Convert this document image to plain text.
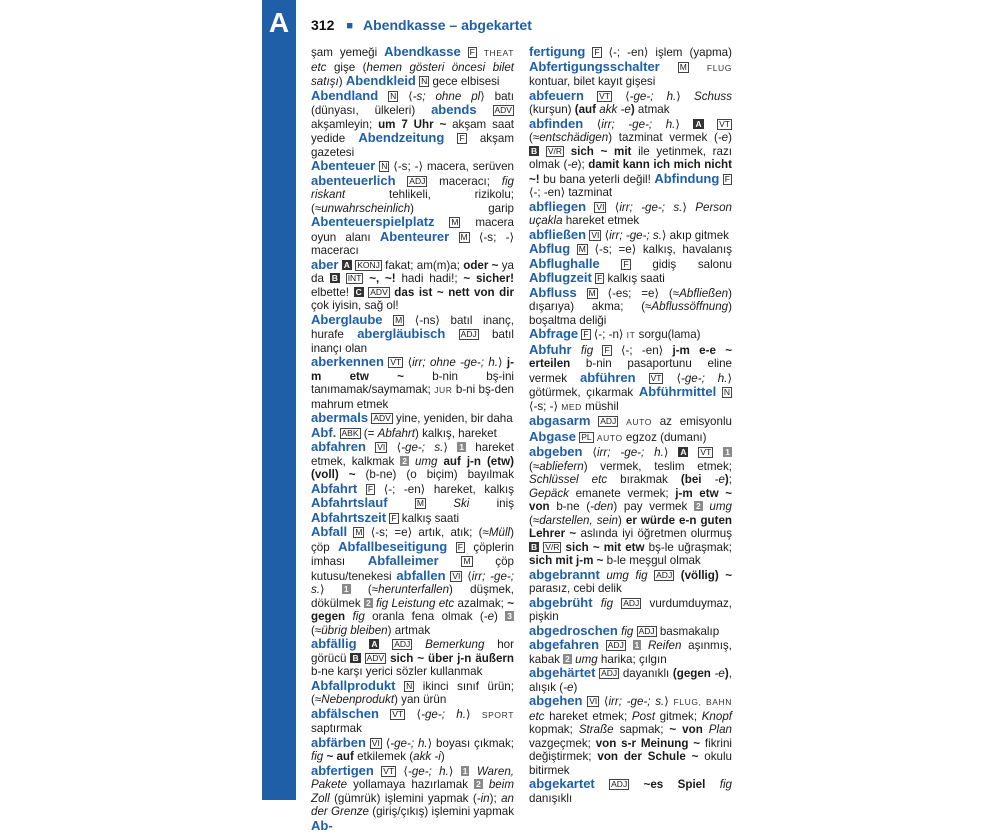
A	312 ■ Abendkasse – abgekartet

şam yemeği Abendkasse F THEAT etc gişe (hemen gösteri öncesi bilet satışı) Abendkleid N gece elbisesi

Abendland N ⟨-s; ohne pl⟩ batı (dünyası, ülkeleri) abends ADV akşamleyin; um 7 Uhr ~ akşam saat yedide Abendzeitung F akşam gazetesi

Abenteuer N ⟨-s; -⟩ macera, serüven abenteuerlich ADJ maceracı; fig riskant tehlikeli, rizikolu; (≈unwahrscheinlich) garip Abenteuerspielplatz M macera oyun alanı Abenteurer M ⟨-s; -⟩ maceracı

aber A KONJ fakat; am(m)a; oder ~ ya da B INT ~, ~! hadi hadi!; ~ sicher! elbette! C ADV das ist ~ nett von dir çok iyisin, sağ ol!

Aberglaube M ⟨-ns⟩ batıl inanç, hurafe abergläubisch ADJ batıl inançı olan

aberkennen VT ⟨irr; ohne -ge-; h.⟩ j-m etw ~ b-nin bş-ini tanımamak/saymamak; JUR b-ni bş-den mahrum etmek

abermals ADV yine, yeniden, bir daha

Abf. ABK (= Abfahrt) kalkış, hareket

abfahren VI ⟨-ge-; s.⟩ 1 hareket etmek, kalkmak 2 umg auf j-n (etw) (voll) ~ (b-ne) (o biçim) bayılmak Abfahrt F ⟨-; -en⟩ hareket, kalkış Abfahrtslauf	M	Ski iniş Abfahrtszeit F kalkış saati

Abfall M ⟨-s; =e⟩ artık, atık; (≈Müll) çöp Abfallbeseitigung F çöplerin imhası Abfalleimer	M çöp kutusu/tenekesi abfallen VI ⟨irr; -ge-; s.⟩ 1 (≈herunterfallen) düşmek, dökülmek 2 fig Leistung etc azalmak; ~ gegen fig oranla fena olmak (-e) 3 (≈übrig bleiben) artmak

abfällig A ADJ Bemerkung hor görücü B ADV sich ~ über j-n äußern b-ne karşı yerici sözler kullanmak

Abfallprodukt N ikinci sınıf ürün; (≈Nebenprodukt) yan ürün

abfälschen VT ⟨-ge-; h.⟩ SPORT saptırmak

abfärben VI ⟨-ge-; h.⟩ boyası çıkmak; fig ~ auf etkilemek (akk -i)

abfertigen VT ⟨-ge-; h.⟩ 1 Waren, Pakete yollamaya hazırlamak 2 beim Zoll (gümrük) işlemini yapmak (-in); an der Grenze (giriş/çıkış) işlemini yapmak Ab-

fertigung F ⟨-; -en⟩ işlem (yapma) Abfertigungsschalter M FLUG kontuar, bilet kayıt gişesi

abfeuern VT ⟨-ge-; h.⟩ Schuss (kurşun) (auf akk -e) atmak

abfinden ⟨irr; -ge-; h.⟩ A VT (≈entschädigen) tazminat vermek (-e) B V/R sich ~ mit ile yetinmek, razı olmak (-e); damit kann ich mich nicht ~! bu bana yeterli değil! Abfindung F ⟨-; -en⟩ tazminat

abfliegen VI ⟨irr; -ge-; s.⟩ Person uçakla hareket etmek

abfließen VI ⟨irr; -ge-; s.⟩ akıp gitmek

Abflug M ⟨-s; =e⟩ kalkış, havalanış Abflughalle	F gidiş salonu Abflugzeit F kalkış saati

Abfluss M ⟨-es; =e⟩ (≈Abfließen) dışarıya) akma; (≈Abflussöffnung) boşaltma deliği

Abfrage F ⟨-; -n⟩ IT sorgu(lama)

Abfuhr fig F ⟨-; -en⟩ j-m e-e ~ erteilen b-nin pasaportunu eline vermek abführen VT ⟨-ge-; h.⟩ götürmek, çıkarmak Abführmittel N ⟨-s; -⟩ MED müshil

abgasarm ADJ AUTO az emisyonlu Abgase PL AUTO egzoz (dumanı)

abgeben ⟨irr; -ge-; h.⟩ A VT 1 (≈abliefern) vermek, teslim etmek; Schlüssel etc bırakmak (bei -e); Gepäck emanete vermek; j-m etw ~ von b-ne (-den) pay vermek 2 umg (≈darstellen, sein) er würde e-n guten Lehrer ~ aslında iyi öğretmen olurmuş B V/R sich ~ mit etw bş-le uğraşmak; sich mit j-m ~ b-le meşgul olmak

abgebrannt umg fig ADJ (völlig) ~ parasız, cebi delik

abgebrüht fig ADJ vurdumduymaz, pişkin

abgedroschen fig ADJ basmakalıp

abgefahren ADJ 1 Reifen aşınmış, kabak 2 umg harika; çılgın

abgehärtet ADJ dayanıklı (gegen -e), alışık (-e)

abgehen VI ⟨irr; -ge-; s.⟩ FLUG, BAHN etc hareket etmek; Post gitmek; Knopf kopmak; Straße sapmak; ~ von Plan vazgeçmek; von s-r Meinung ~ fikrini değiştirmek; von der Schule ~ okulu bitirmek

abgekartet ADJ ~es Spiel fig danışıklı
